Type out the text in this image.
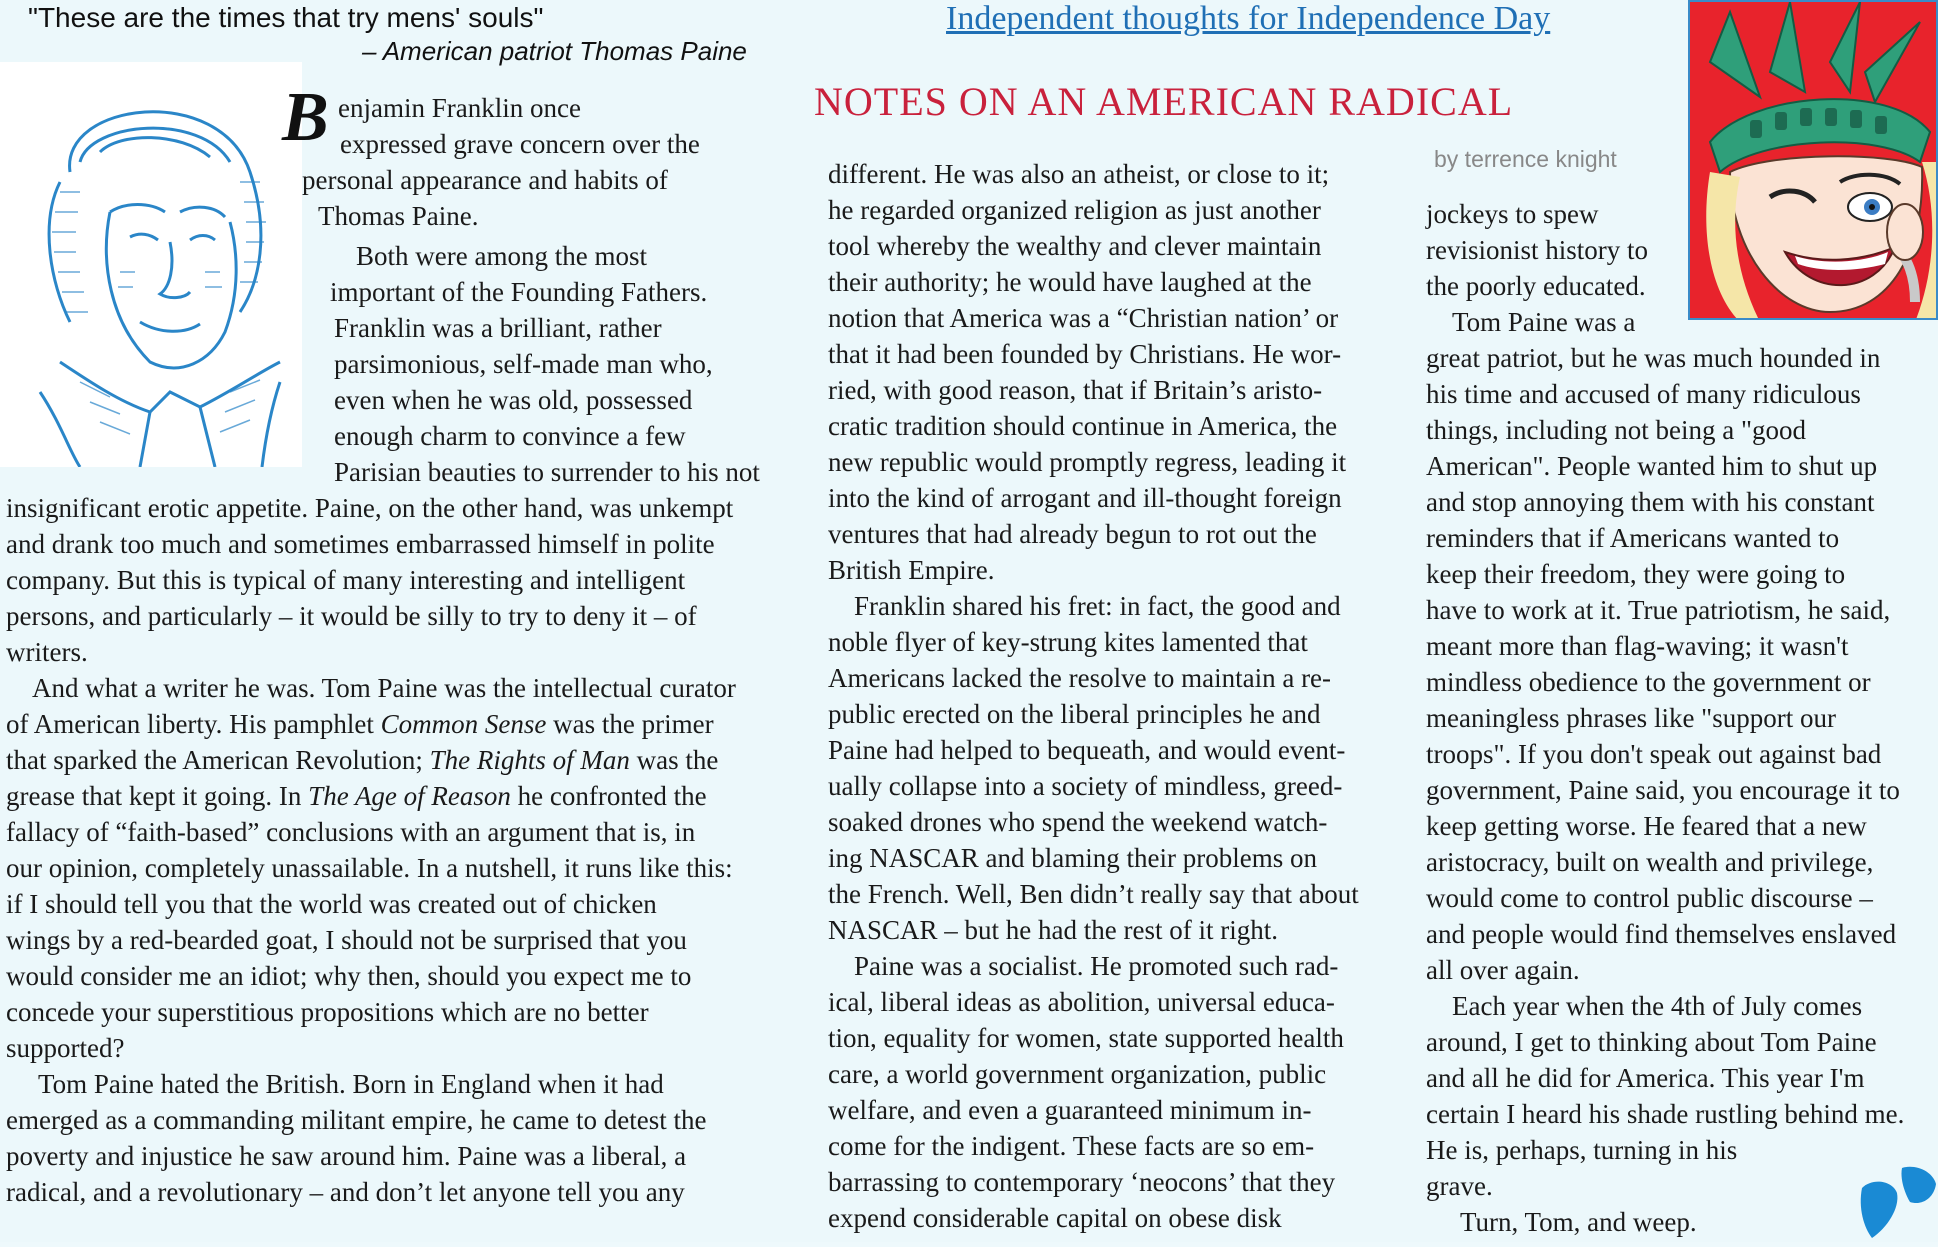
"These are the times that try mens' souls"
– American patriot Thomas Paine
Independent thoughts for Independence Day
NOTES ON AN AMERICAN RADICAL
by terrence knight
B enjamin Franklin once
expressed grave concern over the
personal appearance and habits of
Thomas Paine.
Both were among the most
important of the Founding Fathers.
Franklin was a brilliant, rather
parsimonious, self-made man who,
even when he was old, possessed
enough charm to convince a few
Parisian beauties to surrender to his not
insignificant erotic appetite. Paine, on the other hand, was unkempt
and drank too much and sometimes embarrassed himself in polite
company. But this is typical of many interesting and intelligent
persons, and particularly – it would be silly to try to deny it – of
writers.
And what a writer he was. Tom Paine was the intellectual curator
of American liberty. His pamphlet Common Sense was the primer
that sparked the American Revolution; The Rights of Man was the
grease that kept it going. In The Age of Reason he confronted the
fallacy of “faith-based” conclusions with an argument that is, in
our opinion, completely unassailable. In a nutshell, it runs like this:
if I should tell you that the world was created out of chicken
wings by a red-bearded goat, I should not be surprised that you
would consider me an idiot; why then, should you expect me to
concede your superstitious propositions which are no better
supported?
Tom Paine hated the British. Born in England when it had
emerged as a commanding militant empire, he came to detest the
poverty and injustice he saw around him. Paine was a liberal, a
radical, and a revolutionary – and don’t let anyone tell you any
different. He was also an atheist, or close to it;
he regarded organized religion as just another
tool whereby the wealthy and clever maintain
their authority; he would have laughed at the
notion that America was a “Christian nation’ or
that it had been founded by Christians. He wor-
ried, with good reason, that if Britain’s aristo-
cratic tradition should continue in America, the
new republic would promptly regress, leading it
into the kind of arrogant and ill-thought foreign
ventures that had already begun to rot out the
British Empire.
Franklin shared his fret: in fact, the good and
noble flyer of key-strung kites lamented that
Americans lacked the resolve to maintain a re-
public erected on the liberal principles he and
Paine had helped to bequeath, and would event-
ually collapse into a society of mindless, greed-
soaked drones who spend the weekend watch-
ing NASCAR and blaming their problems on
the French. Well, Ben didn’t really say that about
NASCAR – but he had the rest of it right.
Paine was a socialist. He promoted such rad-
ical, liberal ideas as abolition, universal educa-
tion, equality for women, state supported health
care, a world government organization, public
welfare, and even a guaranteed minimum in-
come for the indigent. These facts are so em-
barrassing to contemporary ‘neocons’ that they
expend considerable capital on obese disk
jockeys to spew
revisionist history to
the poorly educated.
Tom Paine was a
great patriot, but he was much hounded in
his time and accused of many ridiculous
things, including not being a "good
American". People wanted him to shut up
and stop annoying them with his constant
reminders that if Americans wanted to
keep their freedom, they were going to
have to work at it. True patriotism, he said,
meant more than flag-waving; it wasn't
mindless obedience to the government or
meaningless phrases like "support our
troops". If you don't speak out against bad
government, Paine said, you encourage it to
keep getting worse. He feared that a new
aristocracy, built on wealth and privilege,
would come to control public discourse –
and people would find themselves enslaved
all over again.
Each year when the 4th of July comes
around, I get to thinking about Tom Paine
and all he did for America. This year I'm
certain I heard his shade rustling behind me.
He is, perhaps, turning in his
grave.
Turn, Tom, and weep.
